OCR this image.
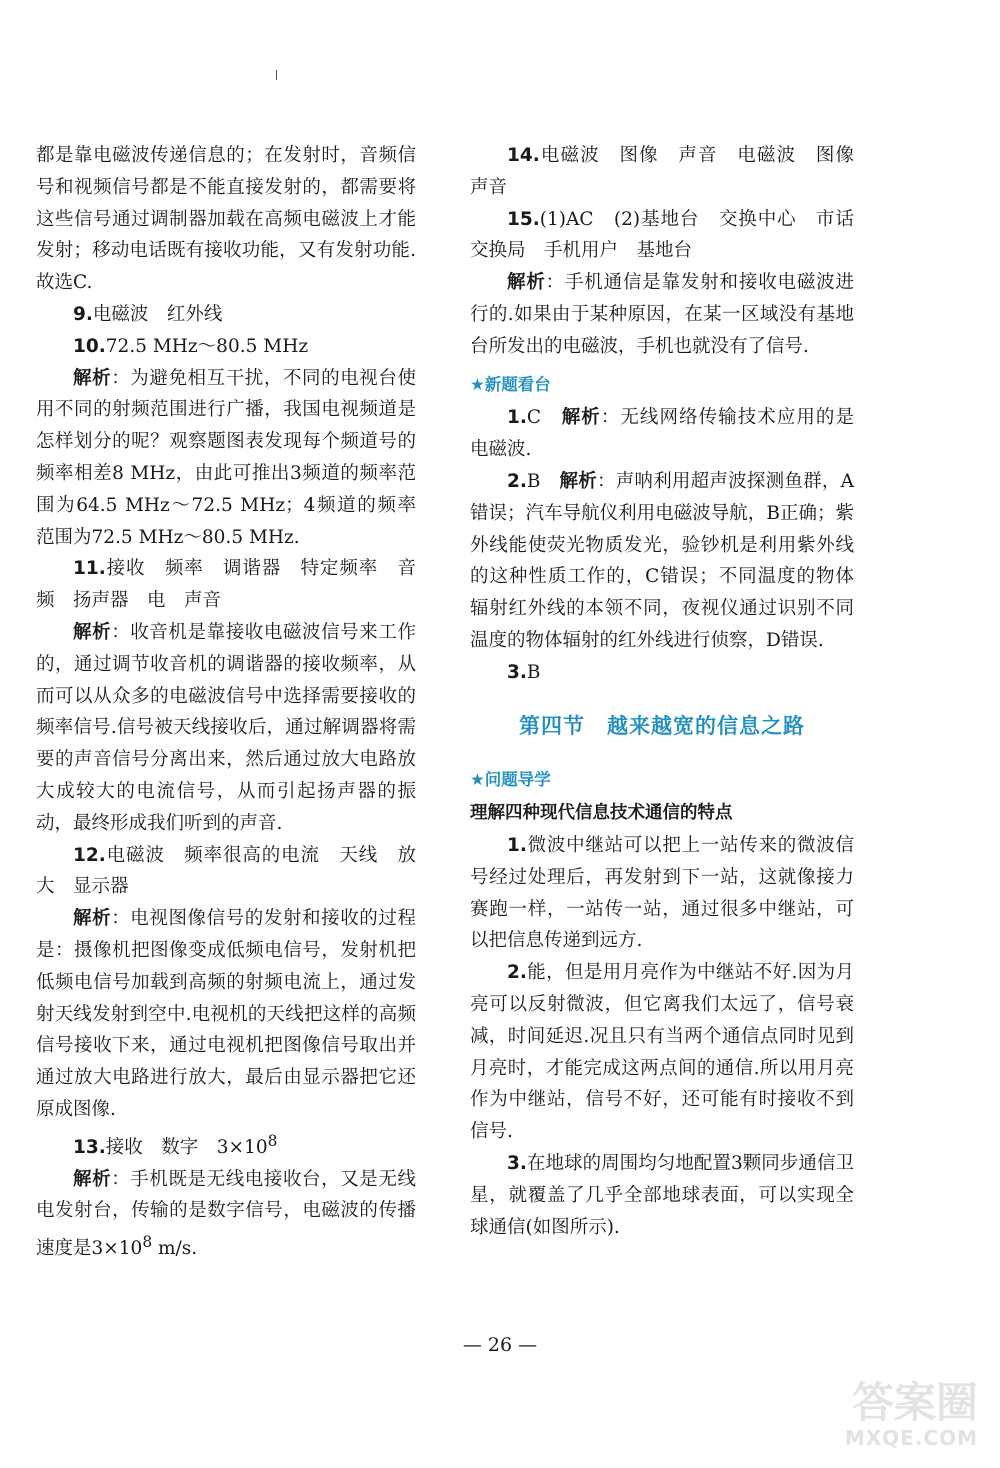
都是靠电磁波传递信息的；在发射时，音频信号和视频信号都是不能直接发射的，都需要将这些信号通过调制器加载在高频电磁波上才能发射；移动电话既有接收功能，又有发射功能.故选C.

9.电磁波　红外线

10.72.5 MHz～80.5 MHz

解析：为避免相互干扰，不同的电视台使用不同的射频范围进行广播，我国电视频道是怎样划分的呢？观察题图表发现每个频道号的频率相差8 MHz，由此可推出3频道的频率范围为64.5 MHz～72.5 MHz；4频道的频率范围为72.5 MHz～80.5 MHz.

11.接收　频率　调谐器　特定频率　音频　扬声器　电　声音

解析：收音机是靠接收电磁波信号来工作的，通过调节收音机的调谐器的接收频率，从而可以从众多的电磁波信号中选择需要接收的频率信号.信号被天线接收后，通过解调器将需要的声音信号分离出来，然后通过放大电路放大成较大的电流信号，从而引起扬声器的振动，最终形成我们听到的声音.

12.电磁波　频率很高的电流　天线　放大　显示器

解析：电视图像信号的发射和接收的过程是：摄像机把图像变成低频电信号，发射机把低频电信号加载到高频的射频电流上，通过发射天线发射到空中.电视机的天线把这样的高频信号接收下来，通过电视机把图像信号取出并通过放大电路进行放大，最后由显示器把它还原成图像.

13.接收　数字　$3\times 10^8$

解析：手机既是无线电接收台，又是无线电发射台，传输的是数字信号，电磁波的传播速度是$3\times 10^8$ m/s.

14.电磁波　图像　声音　电磁波　图像　声音

15.(1)AC　(2)基地台　交换中心　市话交换局　手机用户　基地台

解析：手机通信是靠发射和接收电磁波进行的.如果由于某种原因，在某一区域没有基地台所发出的电磁波，手机也就没有了信号.

★新题看台

1.C　解析：无线网络传输技术应用的是电磁波.

2.B　解析：声呐利用超声波探测鱼群，A错误；汽车导航仪利用电磁波导航，B正确；紫外线能使荧光物质发光，验钞机是利用紫外线的这种性质工作的，C错误；不同温度的物体辐射红外线的本领不同，夜视仪通过识别不同温度的物体辐射的红外线进行侦察，D错误.

3.B

第四节　越来越宽的信息之路
★问题导学

理解四种现代信息技术通信的特点

1.微波中继站可以把上一站传来的微波信号经过处理后，再发射到下一站，这就像接力赛跑一样，一站传一站，通过很多中继站，可以把信息传递到远方.

2.能，但是用月亮作为中继站不好.因为月亮可以反射微波，但它离我们太远了，信号衰减，时间延迟.况且只有当两个通信点同时见到月亮时，才能完成这两点间的通信.所以用月亮作为中继站，信号不好，还可能有时接收不到信号.

3.在地球的周围均匀地配置3颗同步通信卫星，就覆盖了几乎全部地球表面，可以实现全球通信(如图所示).

— 26 —
答案圈
MXQE.COM
